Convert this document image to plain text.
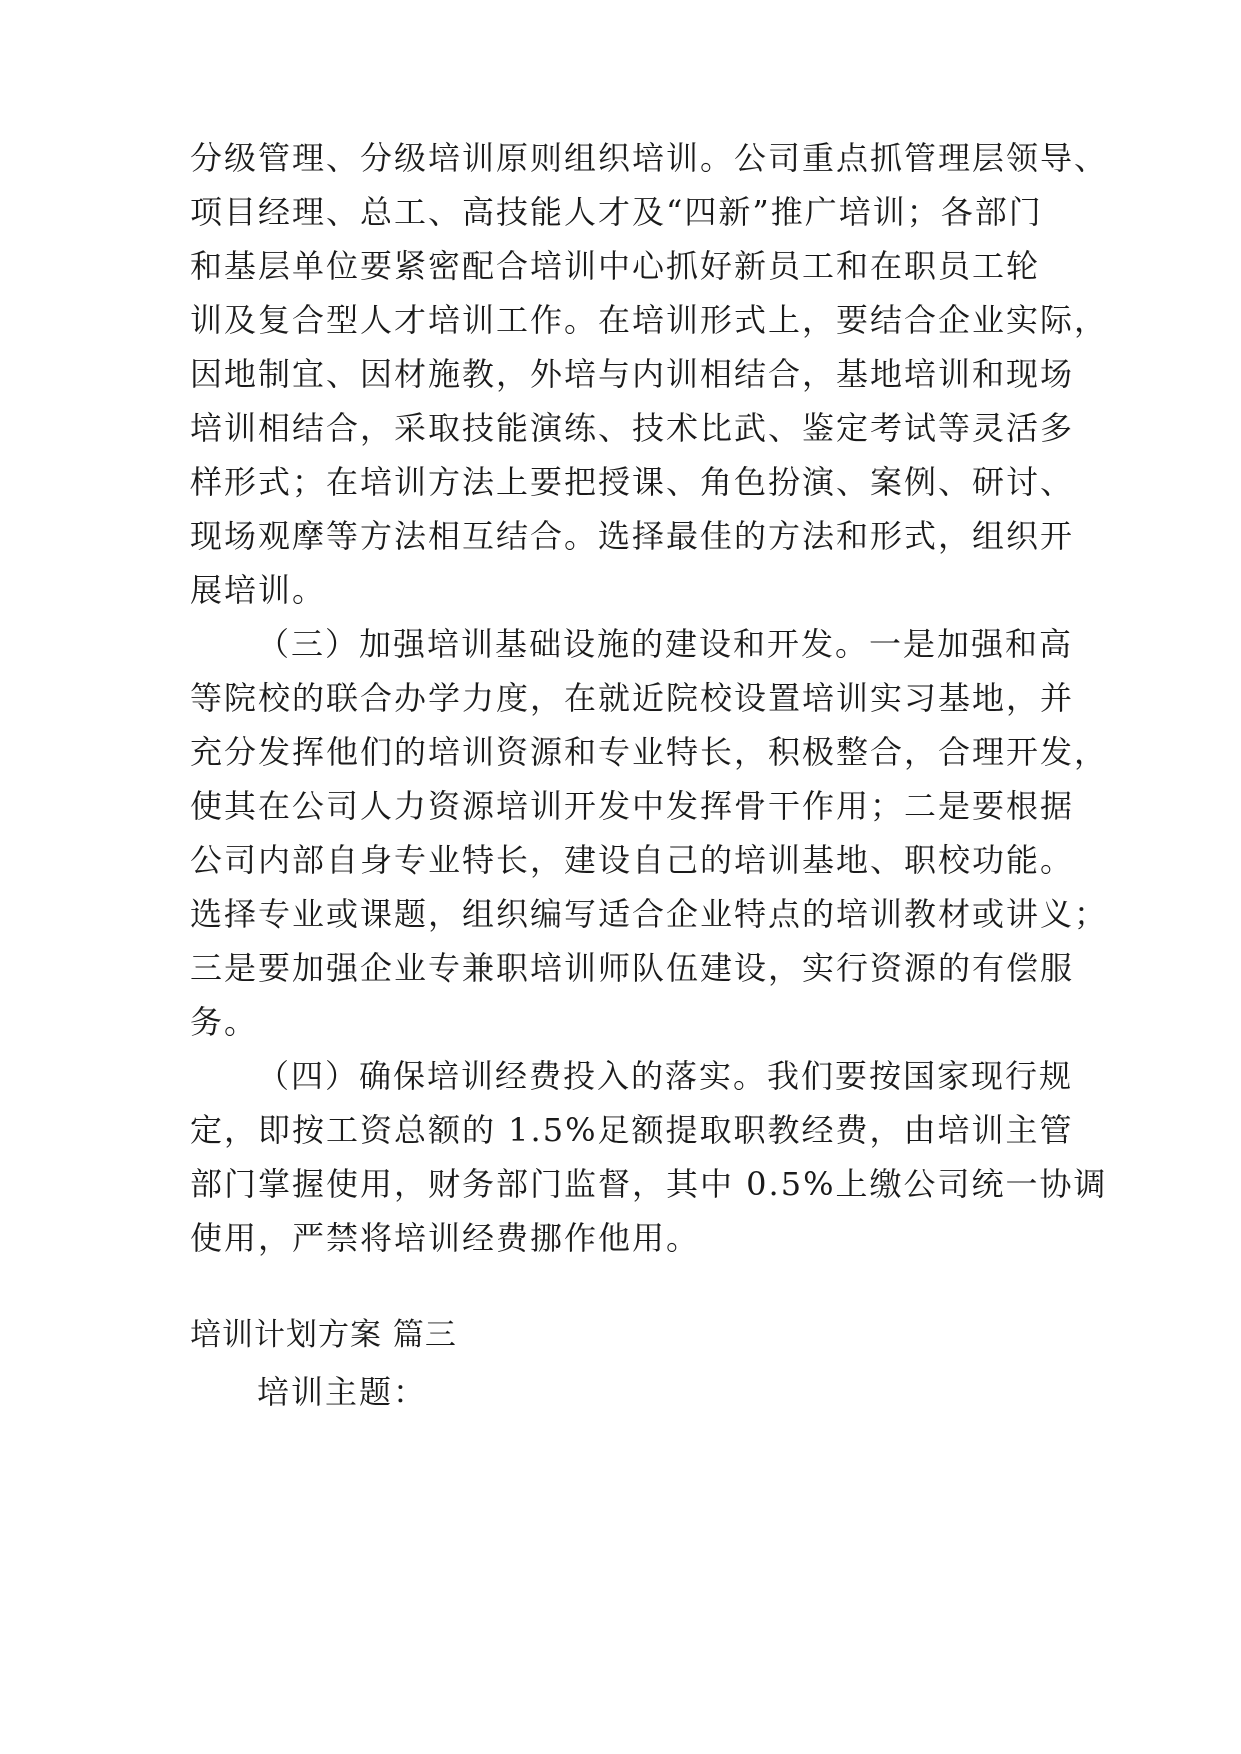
分级管理、分级培训原则组织培训。公司重点抓管理层领导、
项目经理、总工、高技能人才及“四新”推广培训；各部门
和基层单位要紧密配合培训中心抓好新员工和在职员工轮
训及复合型人才培训工作。在培训形式上，要结合企业实际，
因地制宜、因材施教，外培与内训相结合，基地培训和现场
培训相结合，采取技能演练、技术比武、鉴定考试等灵活多
样形式；在培训方法上要把授课、角色扮演、案例、研讨、
现场观摩等方法相互结合。选择最佳的方法和形式，组织开
展培训。
（三）加强培训基础设施的建设和开发。一是加强和高
等院校的联合办学力度，在就近院校设置培训实习基地，并
充分发挥他们的培训资源和专业特长，积极整合，合理开发，
使其在公司人力资源培训开发中发挥骨干作用；二是要根据
公司内部自身专业特长，建设自己的培训基地、职校功能。
选择专业或课题，组织编写适合企业特点的培训教材或讲义；
三是要加强企业专兼职培训师队伍建设，实行资源的有偿服
务。
（四）确保培训经费投入的落实。我们要按国家现行规
定，即按工资总额的 1.5%足额提取职教经费，由培训主管
部门掌握使用，财务部门监督，其中 0.5%上缴公司统一协调
使用，严禁将培训经费挪作他用。
培训计划方案 篇三
培训主题：
